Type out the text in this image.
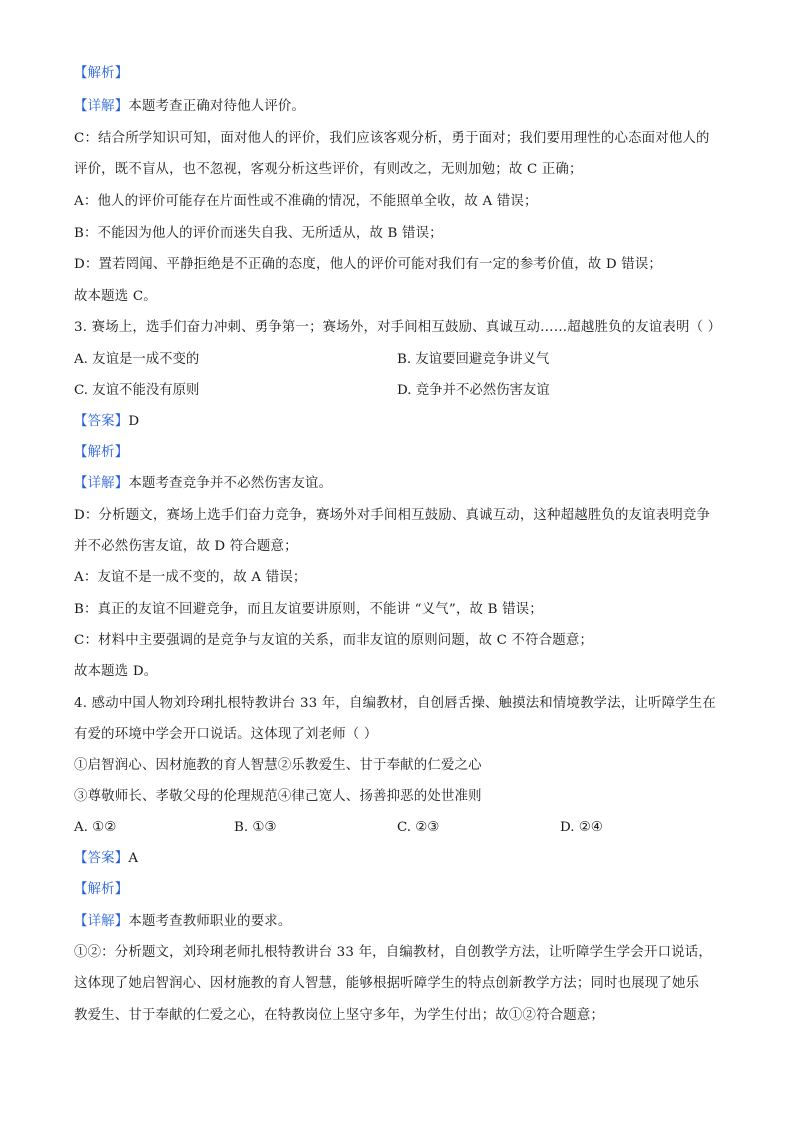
【解析】
【详解】本题考查正确对待他人评价。
C：结合所学知识可知，面对他人的评价，我们应该客观分析，勇于面对；我们要用理性的心态面对他人的
评价，既不盲从，也不忽视，客观分析这些评价，有则改之，无则加勉；故 C 正确；
A：他人的评价可能存在片面性或不准确的情况，不能照单全收，故 A 错误；
B：不能因为他人的评价而迷失自我、无所适从，故 B 错误；
D：置若罔闻、平静拒绝是不正确的态度，他人的评价可能对我们有一定的参考价值，故 D 错误；
故本题选 C。
3. 赛场上，选手们奋力冲刺、勇争第一；赛场外，对手间相互鼓励、真诚互动……超越胜负的友谊表明（ ）
A. 友谊是一成不变的	B. 友谊要回避竞争讲义气
C. 友谊不能没有原则	D. 竞争并不必然伤害友谊
【答案】D
【解析】
【详解】本题考查竞争并不必然伤害友谊。
D：分析题文，赛场上选手们奋力竞争，赛场外对手间相互鼓励、真诚互动，这种超越胜负的友谊表明竞争
并不必然伤害友谊，故 D 符合题意；
A：友谊不是一成不变的，故 A 错误；
B：真正的友谊不回避竞争，而且友谊要讲原则，不能讲 “义气”，故 B 错误；
C：材料中主要强调的是竞争与友谊的关系，而非友谊的原则问题，故 C 不符合题意；
故本题选 D。
4. 感动中国人物刘玲琍扎根特教讲台 33 年，自编教材，自创唇舌操、触摸法和情境教学法，让听障学生在
有爱的环境中学会开口说话。这体现了刘老师（ ）
①启智润心、因材施教的育人智慧②乐教爱生、甘于奉献的仁爱之心
③尊敬师长、孝敬父母的伦理规范④律己宽人、扬善抑恶的处世准则
A. ①②	B. ①③	C. ②③	D. ②④
【答案】A
【解析】
【详解】本题考查教师职业的要求。
①②：分析题文，刘玲琍老师扎根特教讲台 33 年，自编教材，自创教学方法，让听障学生学会开口说话，
这体现了她启智润心、因材施教的育人智慧，能够根据听障学生的特点创新教学方法；同时也展现了她乐
教爱生、甘于奉献的仁爱之心，在特教岗位上坚守多年，为学生付出；故①②符合题意；
